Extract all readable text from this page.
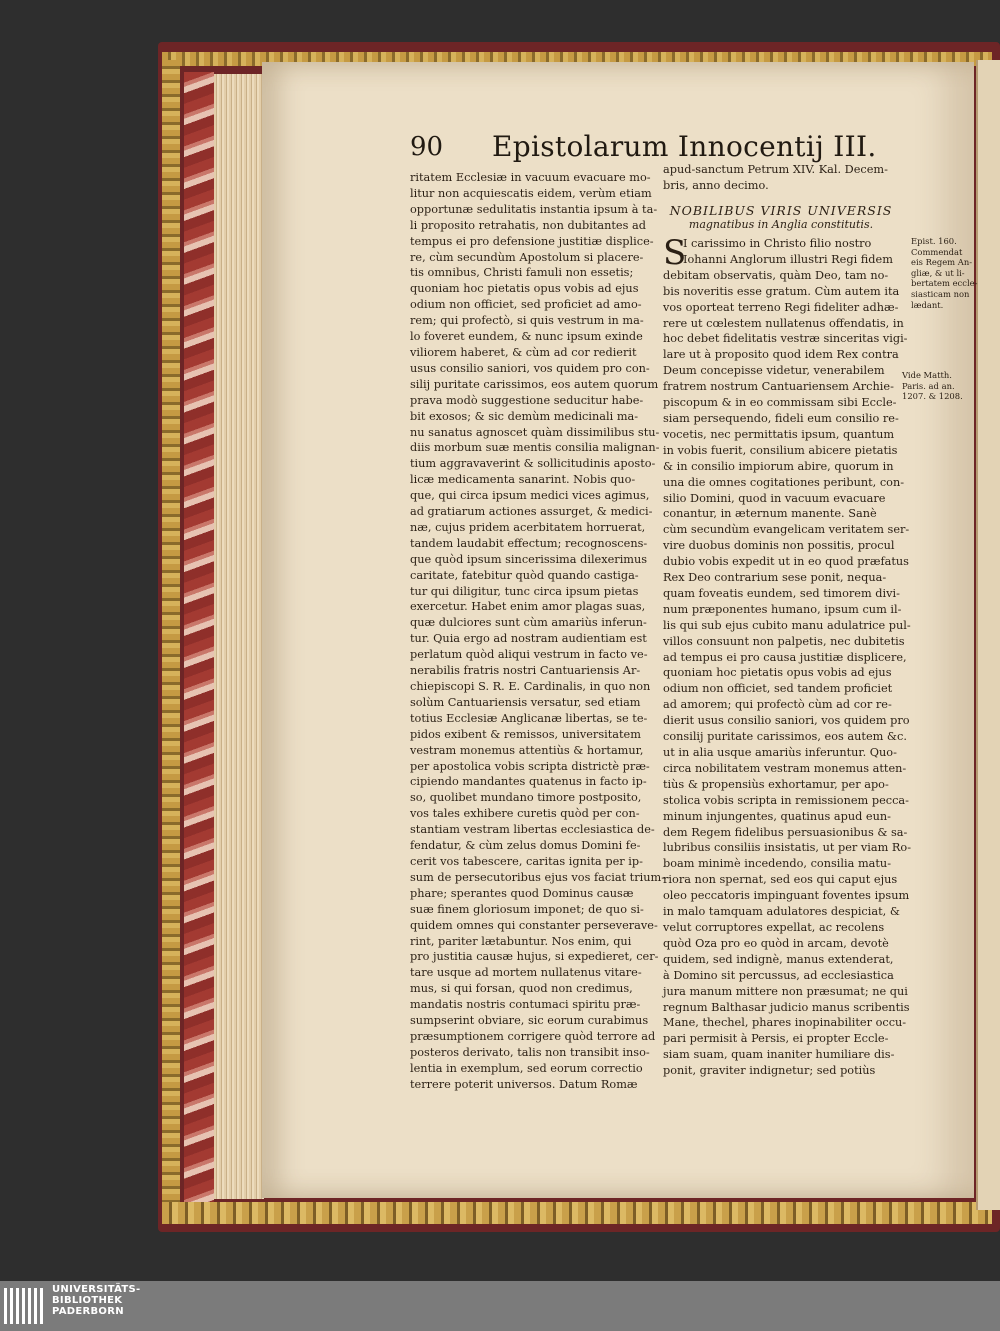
90 Epistolarum Innocentij III.
ritatem Ecclesiæ in vacuum evacuare mo-
litur non acquiescatis eidem, verùm etiam
opportunæ sedulitatis instantia ipsum à ta-
li proposito retrahatis, non dubitantes ad
tempus ei pro defensione justitiæ displice-
re, cùm secundùm Apostolum si placere-
tis omnibus, Christi famuli non essetis;
quoniam hoc pietatis opus vobis ad ejus
odium non officiet, sed proficiet ad amo-
rem; qui profectò, si quis vestrum in ma-
lo foveret eundem, & nunc ipsum exinde
viliorem haberet, & cùm ad cor redierit
usus consilio saniori, vos quidem pro con-
silij puritate carissimos, eos autem quorum
prava modò suggestione seducitur habe-
bit exosos; & sic demùm medicinali ma-
nu sanatus agnoscet quàm dissimilibus stu-
diis morbum suæ mentis consilia malignan-
tium aggravaverint & sollicitudinis aposto-
licæ medicamenta sanarint. Nobis quo-
que, qui circa ipsum medici vices agimus,
ad gratiarum actiones assurget, & medici-
næ, cujus pridem acerbitatem horruerat,
tandem laudabit effectum; recognoscens-
que quòd ipsum sincerissima dilexerimus
caritate, fatebitur quòd quando castiga-
tur qui diligitur, tunc circa ipsum pietas
exercetur. Habet enim amor plagas suas,
quæ dulciores sunt cùm amariùs inferun-
tur. Quia ergo ad nostram audientiam est
perlatum quòd aliqui vestrum in facto ve-
nerabilis fratris nostri Cantuariensis Ar-
chiepiscopi S. R. E. Cardinalis, in quo non
solùm Cantuariensis versatur, sed etiam
totius Ecclesiæ Anglicanæ libertas, se te-
pidos exibent & remissos, universitatem
vestram monemus attentiùs & hortamur,
per apostolica vobis scripta districtè præ-
cipiendo mandantes quatenus in facto ip-
so, quolibet mundano timore postposito,
vos tales exhibere curetis quòd per con-
stantiam vestram libertas ecclesiastica de-
fendatur, & cùm zelus domus Domini fe-
cerit vos tabescere, caritas ignita per ip-
sum de persecutoribus ejus vos faciat trium-
phare; sperantes quod Dominus causæ
suæ finem gloriosum imponet; de quo si-
quidem omnes qui constanter perseverave-
rint, pariter lætabuntur. Nos enim, qui
pro justitia causæ hujus, si expedieret, cer-
tare usque ad mortem nullatenus vitare-
mus, si qui forsan, quod non credimus,
mandatis nostris contumaci spiritu præ-
sumpserint obviare, sic eorum curabimus
præsumptionem corrigere quòd terrore ad
posteros derivato, talis non transibit inso-
lentia in exemplum, sed eorum correctio
terrere poterit universos. Datum Romæ
apud-sanctum Petrum XIV. Kal. Decem-
bris, anno decimo.
NOBILIBUS VIRIS UNIVERSIS
magnatibus in Anglia constitutis.
S
I carissimo in Christo filio nostro
Iohanni Anglorum illustri Regi fidem
debitam observatis, quàm Deo, tam no-
bis noveritis esse gratum. Cùm autem ita
vos oporteat terreno Regi fideliter adhæ-
rere ut cœlestem nullatenus offendatis, in
hoc debet fidelitatis vestræ sinceritas vigi-
lare ut à proposito quod idem Rex contra
Deum concepisse videtur, venerabilem
fratrem nostrum Cantuariensem Archie-
piscopum & in eo commissam sibi Eccle-
siam persequendo, fideli eum consilio re-
vocetis, nec permittatis ipsum, quantum
in vobis fuerit, consilium abicere pietatis
& in consilio impiorum abire, quorum in
una die omnes cogitationes peribunt, con-
silio Domini, quod in vacuum evacuare
conantur, in æternum manente. Sanè
cùm secundùm evangelicam veritatem ser-
vire duobus dominis non possitis, procul
dubio vobis expedit ut in eo quod præfatus
Rex Deo contrarium sese ponit, nequa-
quam foveatis eundem, sed timorem divi-
num præponentes humano, ipsum cum il-
lis qui sub ejus cubito manu adulatrice pul-
villos consuunt non palpetis, nec dubitetis
ad tempus ei pro causa justitiæ displicere,
quoniam hoc pietatis opus vobis ad ejus
odium non officiet, sed tandem proficiet
ad amorem; qui profectò cùm ad cor re-
dierit usus consilio saniori, vos quidem pro
consilij puritate carissimos, eos autem &c.
ut in alia usque amariùs inferuntur. Quo-
circa nobilitatem vestram monemus atten-
tiùs & propensiùs exhortamur, per apo-
stolica vobis scripta in remissionem pecca-
minum injungentes, quatinus apud eun-
dem Regem fidelibus persuasionibus & sa-
lubribus consiliis insistatis, ut per viam Ro-
boam minimè incedendo, consilia matu-
riora non spernat, sed eos qui caput ejus
oleo peccatoris impinguant foventes ipsum
in malo tamquam adulatores despiciat, &
velut corruptores expellat, ac recolens
quòd Oza pro eo quòd in arcam, devotè
quidem, sed indignè, manus extenderat,
à Domino sit percussus, ad ecclesiastica
jura manum mittere non præsumat; ne qui
regnum Balthasar judicio manus scribentis
Mane, thechel, phares inopinabiliter occu-
pari permisit à Persis, ei propter Eccle-
siam suam, quam inaniter humiliare dis-
ponit, graviter indignetur; sed potiùs
Epist. 160.
Commendat
eis Regem An-
gliæ, & ut li-
bertatem eccle-
siasticam non
lædant.
Vide Matth.
Paris. ad an.
1207. & 1208.
UNIVERSITÄTS-
BIBLIOTHEK
PADERBORN
